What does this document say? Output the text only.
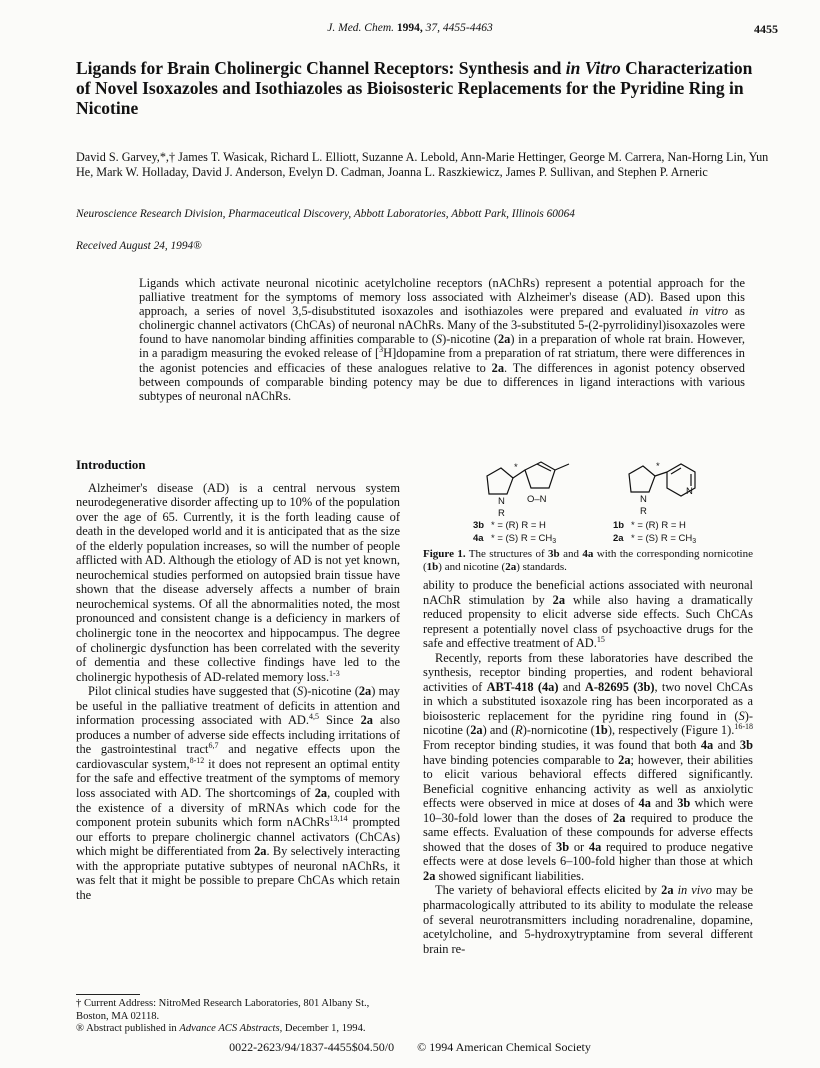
J. Med. Chem. 1994, 37, 4455-4463	4455
Ligands for Brain Cholinergic Channel Receptors: Synthesis and in Vitro Characterization of Novel Isoxazoles and Isothiazoles as Bioisosteric Replacements for the Pyridine Ring in Nicotine
David S. Garvey,*,† James T. Wasicak, Richard L. Elliott, Suzanne A. Lebold, Ann-Marie Hettinger, George M. Carrera, Nan-Horng Lin, Yun He, Mark W. Holladay, David J. Anderson, Evelyn D. Cadman, Joanna L. Raszkiewicz, James P. Sullivan, and Stephen P. Arneric
Neuroscience Research Division, Pharmaceutical Discovery, Abbott Laboratories, Abbott Park, Illinois 60064
Received August 24, 1994®
Ligands which activate neuronal nicotinic acetylcholine receptors (nAChRs) represent a potential approach for the palliative treatment for the symptoms of memory loss associated with Alzheimer's disease (AD). Based upon this approach, a series of novel 3,5-disubstituted isoxazoles and isothiazoles were prepared and evaluated in vitro as cholinergic channel activators (ChCAs) of neuronal nAChRs. Many of the 3-substituted 5-(2-pyrrolidinyl)isoxazoles were found to have nanomolar binding affinities comparable to (S)-nicotine (2a) in a preparation of whole rat brain. However, in a paradigm measuring the evoked release of [$^3$H]dopamine from a preparation of rat striatum, there were differences in the agonist potencies and efficacies of these analogues relative to 2a. The differences in agonist potency observed between compounds of comparable binding potency may be due to differences in ligand interactions with various subtypes of neuronal nAChRs.
Introduction

Alzheimer's disease (AD) is a central nervous system neurodegenerative disorder affecting up to 10% of the population over the age of 65. Currently, it is the forth leading cause of death in the developed world and it is anticipated that as the size of the elderly population increases, so will the number of people afflicted with AD. Although the etiology of AD is not yet known, neurochemical studies performed on autopsied brain tissue have shown that the disease adversely affects a number of brain neurochemical systems. Of all the abnormalities noted, the most pronounced and consistent change is a deficiency in markers of cholinergic tone in the neocortex and hippocampus. The degree of cholinergic dysfunction has been correlated with the severity of dementia and these collective findings have led to the cholinergic hypothesis of AD-related memory loss.$^{1-3}$

Pilot clinical studies have suggested that (S)-nicotine (2a) may be useful in the palliative treatment of deficits in attention and information processing associated with AD.$^{4,5}$ Since 2a also produces a number of adverse side effects including irritations of the gastrointestinal tract$^{6,7}$ and negative effects upon the cardiovascular system,$^{8-12}$ it does not represent an optimal entity for the safe and effective treatment of the symptoms of memory loss associated with AD. The shortcomings of 2a, coupled with the existence of a diversity of mRNAs which code for the component protein subunits which form nAChRs$^{13,14}$ prompted our efforts to prepare cholinergic channel activators (ChCAs) which might be differentiated from 2a. By selectively interacting with the appropriate putative subtypes of neuronal nAChRs, it was felt that it might be possible to prepare ChCAs which retain the

N
R
O–N
*
N
R
N
*
3b * = (R) R = H
4a * = (S) $R = CH_3$
1b * = (R) R = H
2a * = (S) $R = CH_3$
Figure 1. The structures of 3b and 4a with the corresponding nornicotine (1b) and nicotine (2a) standards.

ability to produce the beneficial actions associated with neuronal nAChR stimulation by 2a while also having a dramatically reduced propensity to elicit adverse side effects. Such ChCAs represent a potentially novel class of psychoactive drugs for the safe and effective treatment of AD.$^{15}$

Recently, reports from these laboratories have described the synthesis, receptor binding properties, and rodent behavioral activities of ABT-418 (4a) and A-82695 (3b), two novel ChCAs in which a substituted isoxazole ring has been incorporated as a bioisosteric replacement for the pyridine ring found in (S)-nicotine (2a) and (R)-nornicotine (1b), respectively (Figure 1).$^{16-18}$ From receptor binding studies, it was found that both 4a and 3b have binding potencies comparable to 2a; however, their abilities to elicit various behavioral effects differed significantly. Beneficial cognitive enhancing activity as well as anxiolytic effects were observed in mice at doses of 4a and 3b which were 10–30-fold lower than the doses of 2a required to produce the same effects. Evaluation of these compounds for adverse effects showed that the doses of 3b or 4a required to produce negative effects were at dose levels 6–100-fold higher than those at which 2a showed significant liabilities.

The variety of behavioral effects elicited by 2a in vivo may be pharmacologically attributed to its ability to modulate the release of several neurotransmitters including noradrenaline, dopamine, acetylcholine, and 5-hydroxytryptamine from several different brain re-

† Current Address: NitroMed Research Laboratories, 801 Albany St., Boston, MA 02118.
® Abstract published in Advance ACS Abstracts, December 1, 1994.
0022-2623/94/1837-4455$04.50/0 © 1994 American Chemical Society
